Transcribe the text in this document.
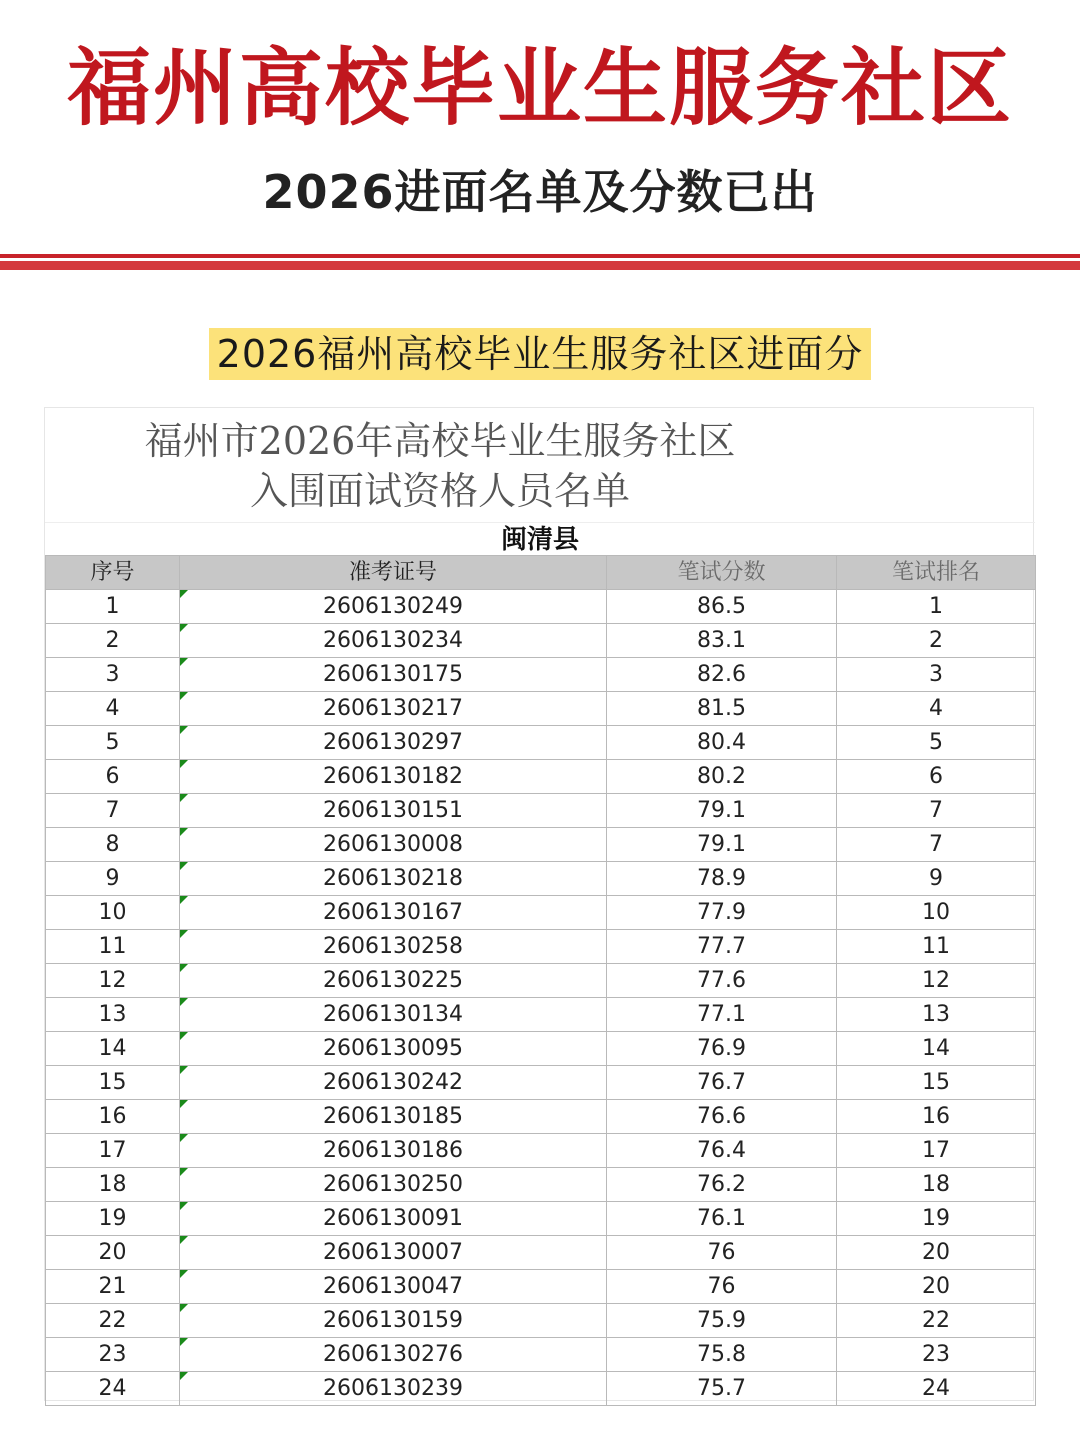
福州高校毕业生服务社区
2026进面名单及分数已出
2026福州高校毕业生服务社区进面分
福州市2026年高校毕业生服务社区
入围面试资格人员名单
闽清县
序号	准考证号	笔试分数	笔试排名
1	2606130249	86.5	1
2	2606130234	83.1	2
3	2606130175	82.6	3
4	2606130217	81.5	4
5	2606130297	80.4	5
6	2606130182	80.2	6
7	2606130151	79.1	7
8	2606130008	79.1	7
9	2606130218	78.9	9
10	2606130167	77.9	10
11	2606130258	77.7	11
12	2606130225	77.6	12
13	2606130134	77.1	13
14	2606130095	76.9	14
15	2606130242	76.7	15
16	2606130185	76.6	16
17	2606130186	76.4	17
18	2606130250	76.2	18
19	2606130091	76.1	19
20	2606130007	76	20
21	2606130047	76	20
22	2606130159	75.9	22
23	2606130276	75.8	23
24	2606130239	75.7	24
